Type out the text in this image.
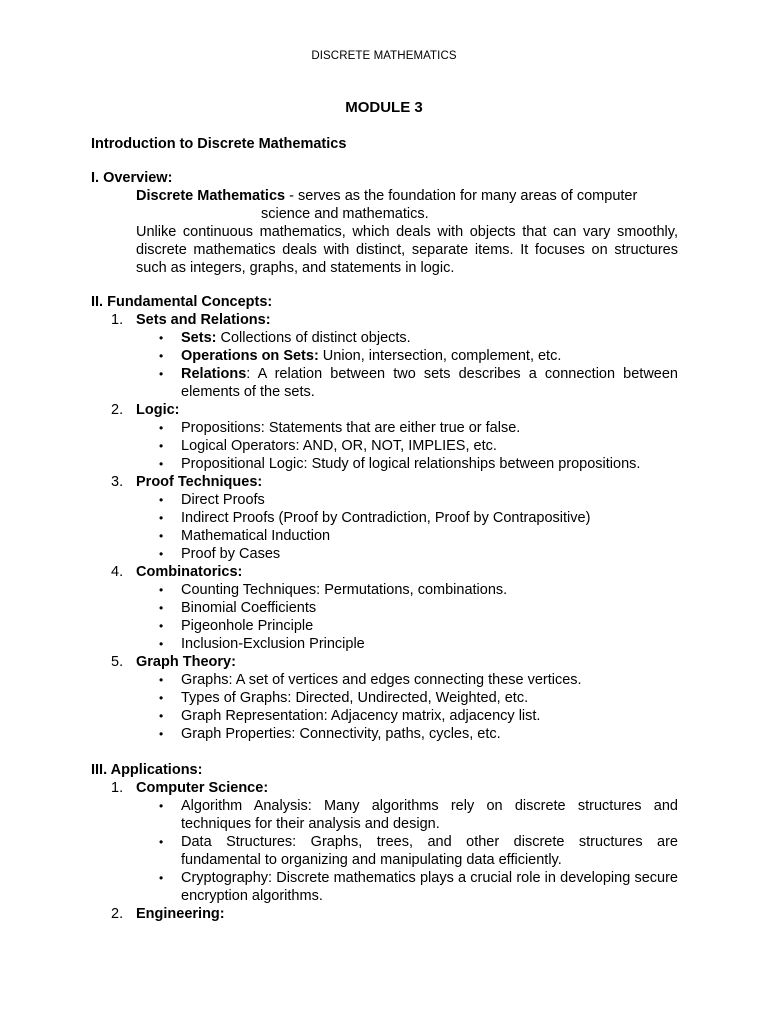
DISCRETE MATHEMATICS
MODULE 3

Introduction to Discrete Mathematics

I. Overview:

Discrete Mathematics - serves as the foundation for many areas of computer
science and mathematics.
Unlike continuous mathematics, which deals with objects that can vary smoothly, discrete mathematics deals with distinct, separate items. It focuses on structures such as integers, graphs, and statements in logic.

II. Fundamental Concepts:

1. Sets and Relations:
• Sets: Collections of distinct objects.
• Operations on Sets: Union, intersection, complement, etc.
• Relations: A relation between two sets describes a connection between elements of the sets.
2. Logic:
• Propositions: Statements that are either true or false.
• Logical Operators: AND, OR, NOT, IMPLIES, etc.
• Propositional Logic: Study of logical relationships between propositions.
3. Proof Techniques:
• Direct Proofs
• Indirect Proofs (Proof by Contradiction, Proof by Contrapositive)
• Mathematical Induction
• Proof by Cases
4. Combinatorics:
• Counting Techniques: Permutations, combinations.
• Binomial Coefficients
• Pigeonhole Principle
• Inclusion-Exclusion Principle
5. Graph Theory:
• Graphs: A set of vertices and edges connecting these vertices.
• Types of Graphs: Directed, Undirected, Weighted, etc.
• Graph Representation: Adjacency matrix, adjacency list.
• Graph Properties: Connectivity, paths, cycles, etc.

III. Applications:

1. Computer Science:
• Algorithm Analysis: Many algorithms rely on discrete structures and techniques for their analysis and design.
• Data Structures: Graphs, trees, and other discrete structures are fundamental to organizing and manipulating data efficiently.
• Cryptography: Discrete mathematics plays a crucial role in developing secure encryption algorithms.
2. Engineering:
